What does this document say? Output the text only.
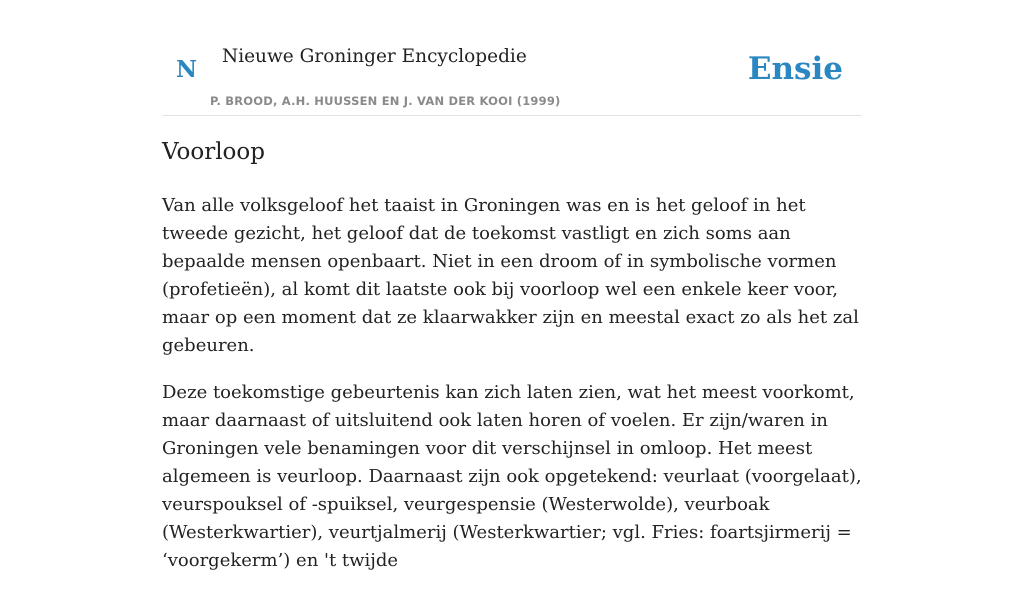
N Nieuwe Groninger Encyclopedie
P. BROOD, A.H. HUUSSEN EN J. VAN DER KOOI (1999)
Ensie
Voorloop

Van alle volksgeloof het taaist in Groningen was en is het geloof in het tweede gezicht, het geloof dat de toekomst vastligt en zich soms aan bepaalde mensen openbaart. Niet in een droom of in symbolische vormen (profetieën), al komt dit laatste ook bij voorloop wel een enkele keer voor, maar op een moment dat ze klaarwakker zijn en meestal exact zo als het zal gebeuren.

Deze toekomstige gebeurtenis kan zich laten zien, wat het meest voorkomt, maar daarnaast of uitsluitend ook laten horen of voelen. Er zijn/waren in Groningen vele benamingen voor dit verschijnsel in omloop. Het meest algemeen is veurloop. Daarnaast zijn ook opgetekend: veurlaat (voorgelaat), veurspouksel of -spuiksel, veurgespensie (Westerwolde), veurboak (Westerkwartier), veurtjalmerij (Westerkwartier; vgl. Fries: foartsjirmerij = ‘voorgekerm’) en 't twijde
